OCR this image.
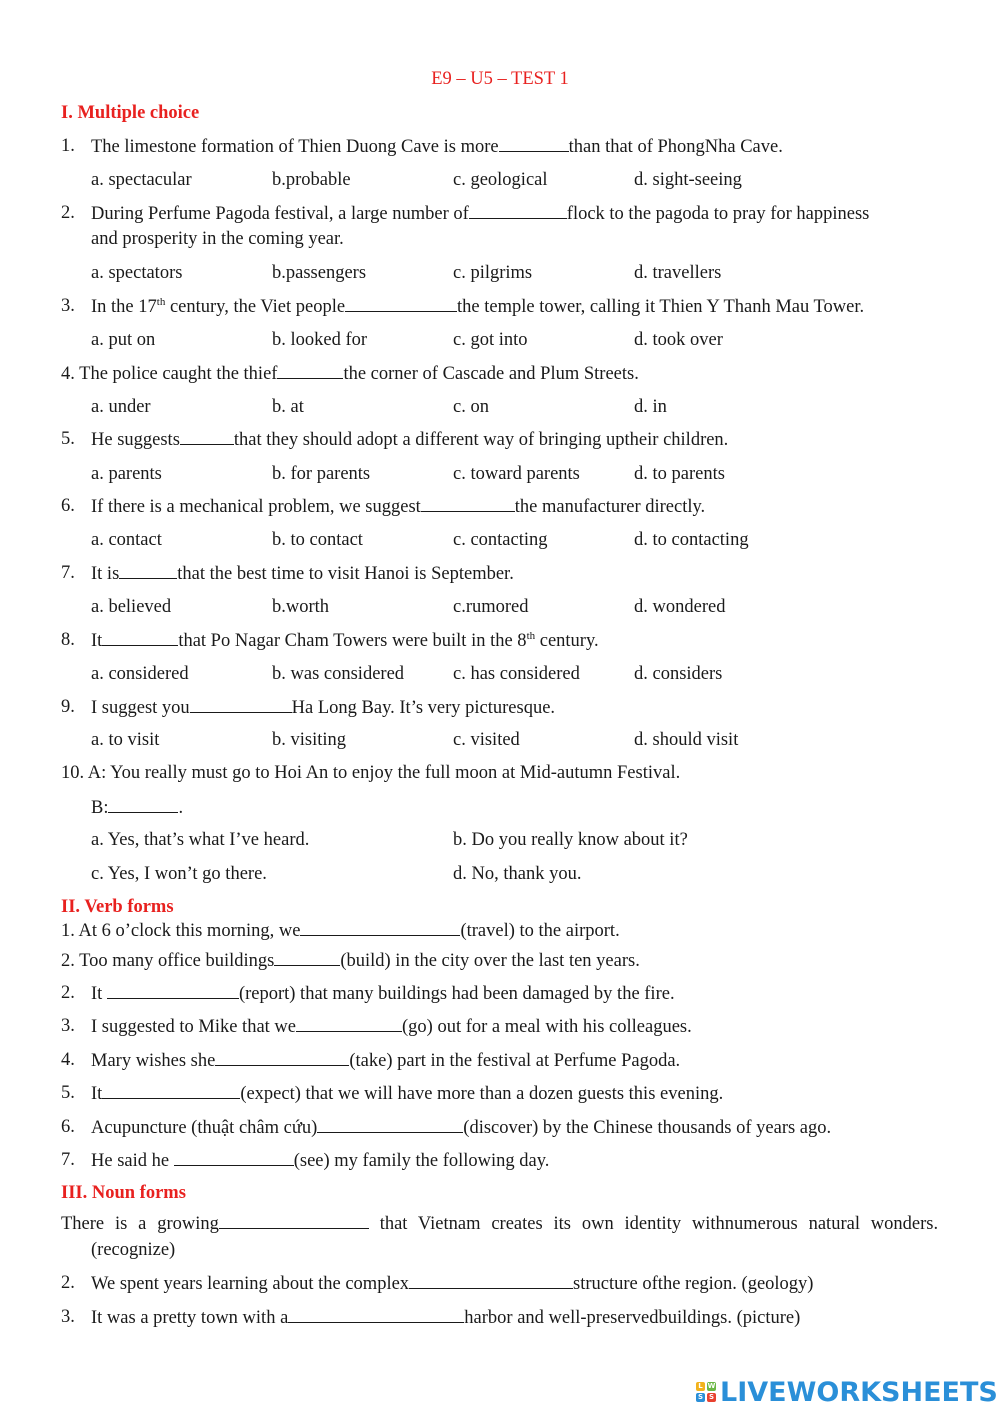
E9 – U5 – TEST 1
I. Multiple choice
1. The limestone formation of Thien Duong Cave is more	than that of PhongNha Cave.
a. spectacular	b.probable	c. geological	d. sight-seeing
2. During Perfume Pagoda festival, a large number of	flock to the pagoda to pray for happiness
and prosperity in the coming year.
a. spectators	b.passengers	c. pilgrims	d. travellers
3. In the 17th century, the Viet people	the temple tower, calling it Thien Y Thanh Mau Tower.
a. put on	b. looked for	c. got into	d. took over
4. The police caught the thief	the corner of Cascade and Plum Streets.
a. under	b. at	c. on	d. in
5. He suggests	that they should adopt a different way of bringing uptheir children.
a. parents	b. for parents	c. toward parents	d. to parents
6. If there is a mechanical problem, we suggest	the manufacturer directly.
a. contact	b. to contact	c. contacting	d. to contacting
7. It is	that the best time to visit Hanoi is September.
a. believed	b.worth	c.rumored	d. wondered
8. It	that Po Nagar Cham Towers were built in the 8th century.
a. considered	b. was considered	c. has considered	d. considers
9. I suggest you	Ha Long Bay. It’s very picturesque.
a. to visit	b. visiting	c. visited	d. should visit
10. A: You really must go to Hoi An to enjoy the full moon at Mid-autumn Festival.
B:	.
a. Yes, that’s what I’ve heard.	b. Do you really know about it?
c. Yes, I won’t go there.	d. No, thank you.
II. Verb forms
1. At 6 o’clock this morning, we	(travel) to the airport.
2. Too many office buildings	(build) in the city over the last ten years.
2. It	(report) that many buildings had been damaged by the fire.
3. I suggested to Mike that we	(go) out for a meal with his colleagues.
4. Mary wishes she	(take) part in the festival at Perfume Pagoda.
5. It	(expect) that we will have more than a dozen guests this evening.
6. Acupuncture (thuật châm cứu)	(discover) by the Chinese thousands of years ago.
7. He said he	(see) my family the following day.
III. Noun forms
There is a growing	that Vietnam creates its own identity withnumerous natural wonders.
(recognize)
2. We spent years learning about the complex	structure ofthe region. (geology)
3. It was a pretty town with a	harbor and well-preservedbuildings. (picture)
L W
S S LIVEWORKSHEETS
